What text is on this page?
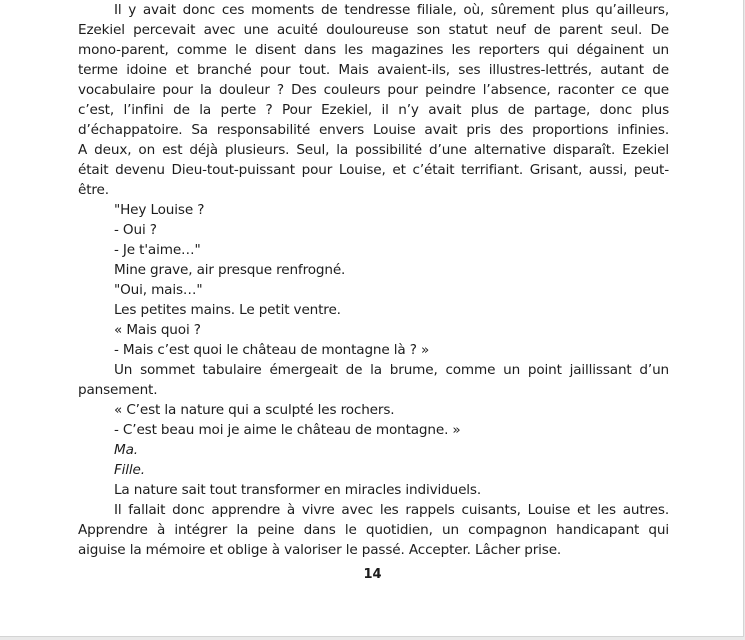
Il y avait donc ces moments de tendresse filiale, où, sûrement plus qu’ailleurs,

Ezekiel percevait avec une acuité douloureuse son statut neuf de parent seul. De

mono-parent, comme le disent dans les magazines les reporters qui dégainent un

terme idoine et branché pour tout. Mais avaient-ils, ses illustres-lettrés, autant de

vocabulaire pour la douleur ? Des couleurs pour peindre l’absence, raconter ce que

c’est, l’infini de la perte ? Pour Ezekiel, il n’y avait plus de partage, donc plus

d’échappatoire. Sa responsabilité envers Louise avait pris des proportions infinies.

A deux, on est déjà plusieurs. Seul, la possibilité d’une alternative disparaît. Ezekiel

était devenu Dieu-tout-puissant pour Louise, et c’était terrifiant. Grisant, aussi, peut-

être.

"Hey Louise ?

- Oui ?

- Je t'aime…"

Mine grave, air presque renfrogné.

"Oui, mais…"

Les petites mains. Le petit ventre.

« Mais quoi ?

- Mais c’est quoi le château de montagne là ? »

Un sommet tabulaire émergeait de la brume, comme un point jaillissant d’un

pansement.

« C’est la nature qui a sculpté les rochers.

- C’est beau moi je aime le château de montagne. »

Ma.

Fille.

La nature sait tout transformer en miracles individuels.

Il fallait donc apprendre à vivre avec les rappels cuisants, Louise et les autres.

Apprendre à intégrer la peine dans le quotidien, un compagnon handicapant qui

aiguise la mémoire et oblige à valoriser le passé. Accepter. Lâcher prise.

14
